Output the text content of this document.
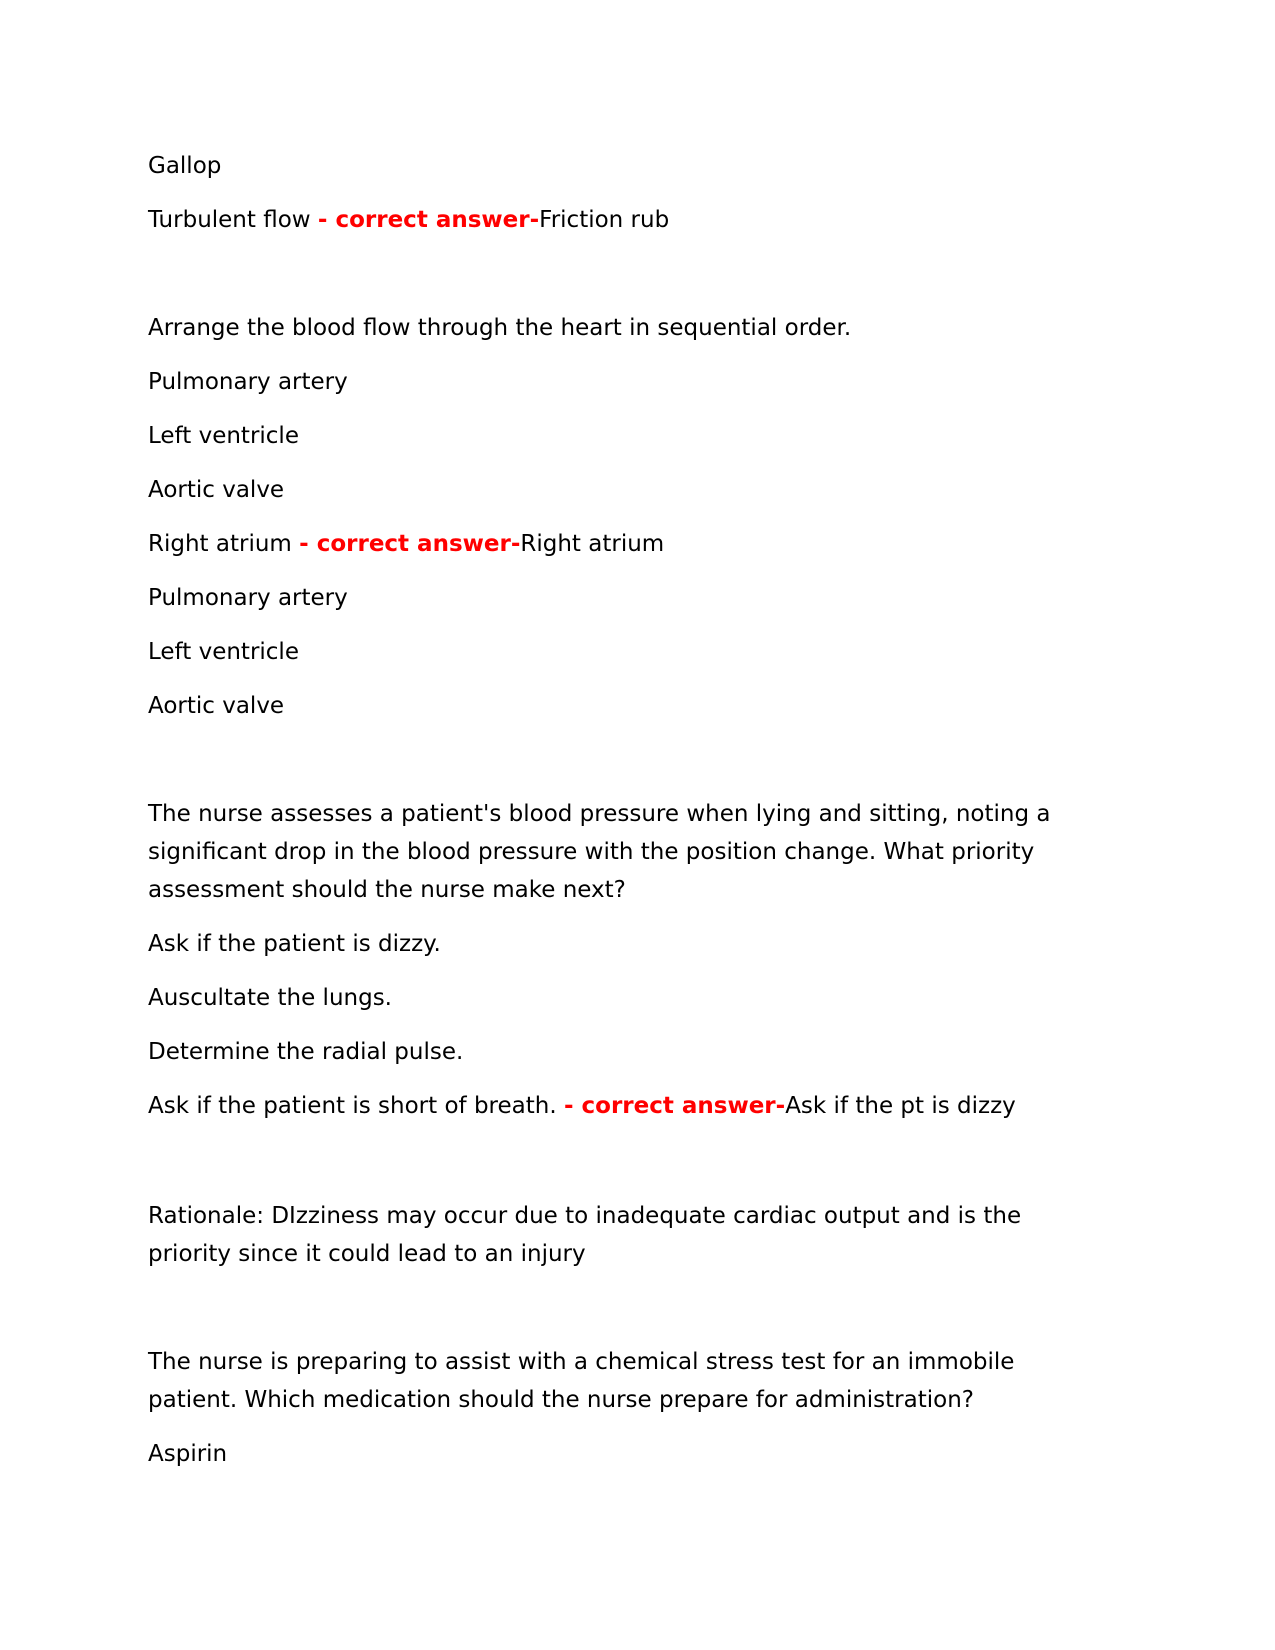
Gallop

Turbulent flow - correct answer-Friction rub

Arrange the blood flow through the heart in sequential order.

Pulmonary artery

Left ventricle

Aortic valve

Right atrium - correct answer-Right atrium

Pulmonary artery

Left ventricle

Aortic valve

The nurse assesses a patient's blood pressure when lying and sitting, noting a

significant drop in the blood pressure with the position change. What priority

assessment should the nurse make next?

Ask if the patient is dizzy.

Auscultate the lungs.

Determine the radial pulse.

Ask if the patient is short of breath. - correct answer-Ask if the pt is dizzy

Rationale: DIzziness may occur due to inadequate cardiac output and is the

priority since it could lead to an injury

The nurse is preparing to assist with a chemical stress test for an immobile

patient. Which medication should the nurse prepare for administration?

Aspirin
